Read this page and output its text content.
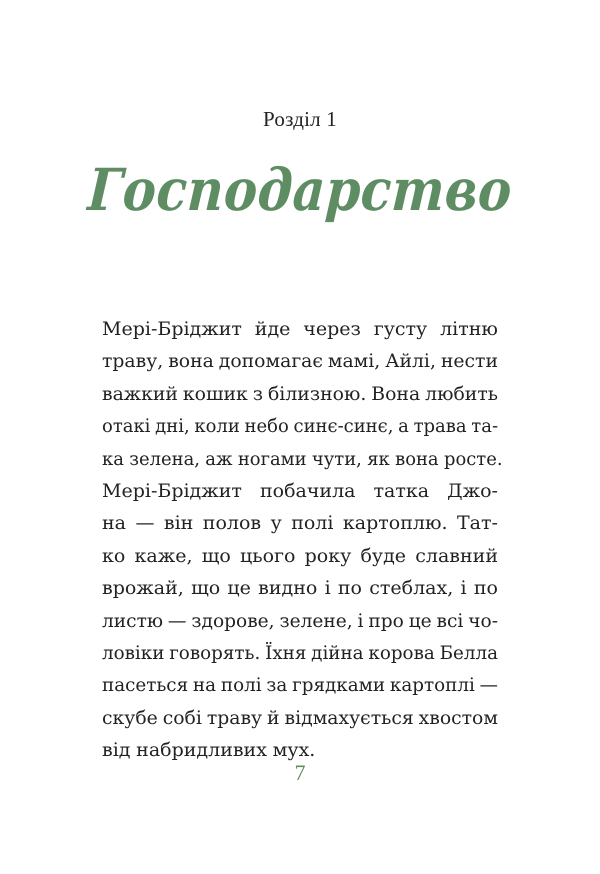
Розділ 1
Господарство
Мері-Бріджит йде через густу літню
траву, вона допомагає мамі, Айлі, нести
важкий кошик з білизною. Вона любить
отакі дні, коли небо синє-синє, а трава та-
ка зелена, аж ногами чути, як вона росте.
Мері-Бріджит побачила татка Джо-
на — він полов у полі картоплю. Тат-
ко каже, що цього року буде славний
врожай, що це видно і по стеблах, і по
листю — здорове, зелене, і про це всі чо-
ловіки говорять. Їхня дійна корова Белла
пасеться на полі за грядками картоплі —
скубе собі траву й відмахується хвостом
від набридливих мух.
7
